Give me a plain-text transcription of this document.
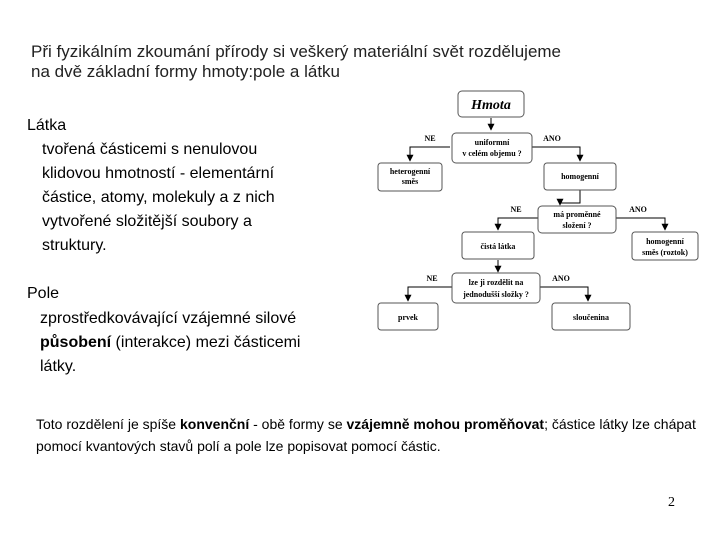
Při fyzikálním zkoumání přírody si veškerý materiální svět rozdělujeme
na dvě základní formy hmoty:pole a látku
Látka
tvořená částicemi s nenulovou
klidovou hmotností - elementární
částice, atomy, molekuly a z nich
vytvořené složitější soubory a
struktury.
Pole
zprostředkovávající vzájemné silové
působení (interakce) mezi částicemi
látky.
Hmota
uniformní
v celém objemu ?
NE	ANO
heterogenní
směs
homogenní
má proměnné
složení ?
NE	ANO
čistá látka
homogenní
směs (roztok)
lze ji rozdělit na
jednodušší složky ?
NE	ANO
prvek	sloučenina
Toto rozdělení je spíše konvenční - obě formy se vzájemně mohou proměňovat; částice látky lze chápat pomocí kvantových stavů polí a pole lze popisovat pomocí částic.
2
